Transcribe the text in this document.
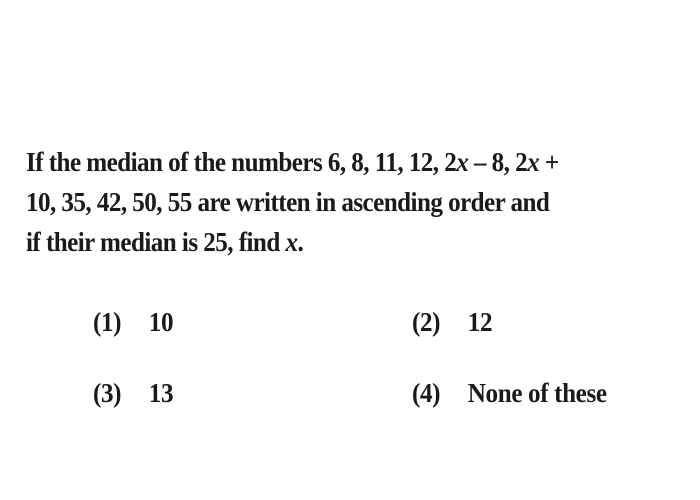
If the median of the numbers 6, 8, 11, 12, 2x – 8, 2x +
10, 35, 42, 50, 55 are written in ascending order and
if their median is 25, find x.
(1) 10	(2) 12
(3) 13	(4) None of these
